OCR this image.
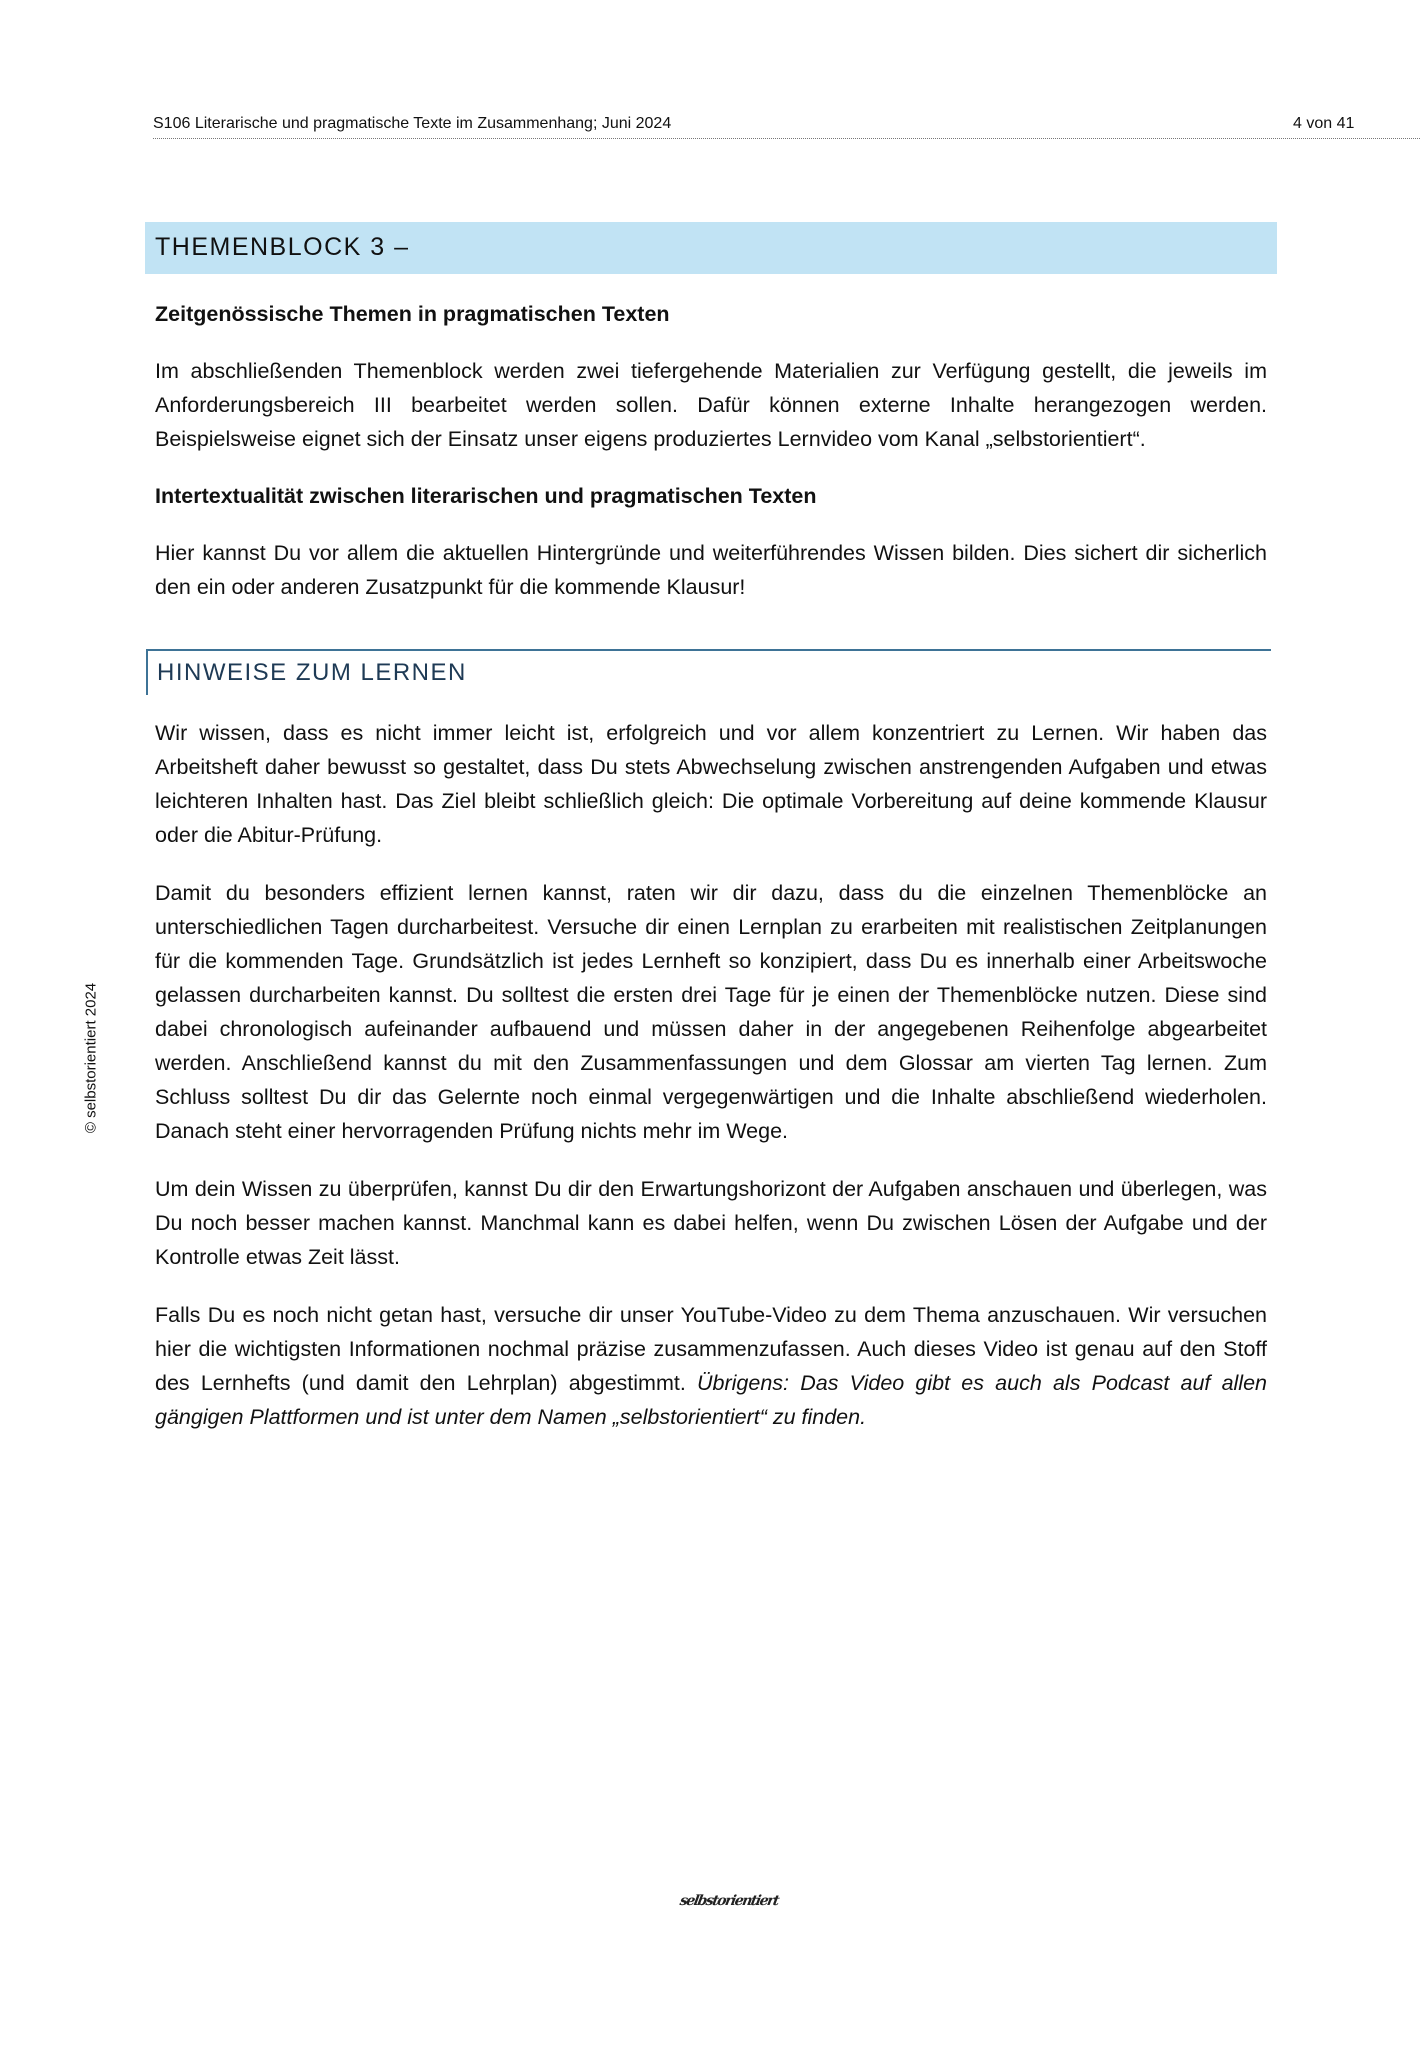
S106 Literarische und pragmatische Texte im Zusammenhang; Juni 2024	4 von 41
© selbstorientiert 2024
THEMENBLOCK 3 –
Zeitgenössische Themen in pragmatischen Texten

Im abschließenden Themenblock werden zwei tiefergehende Materialien zur Verfügung gestellt, die jeweils im Anforderungsbereich III bearbeitet werden sollen. Dafür können externe Inhalte herangezogen werden. Beispielsweise eignet sich der Einsatz unser eigens produziertes Lernvideo vom Kanal „selbstorientiert“.

Intertextualität zwischen literarischen und pragmatischen Texten

Hier kannst Du vor allem die aktuellen Hintergründe und weiterführendes Wissen bilden. Dies sichert dir sicherlich den ein oder anderen Zusatzpunkt für die kommende Klausur!

HINWEISE ZUM LERNEN

Wir wissen, dass es nicht immer leicht ist, erfolgreich und vor allem konzentriert zu Lernen. Wir haben das Arbeitsheft daher bewusst so gestaltet, dass Du stets Abwechselung zwischen anstrengenden Aufgaben und etwas leichteren Inhalten hast. Das Ziel bleibt schließlich gleich: Die optimale Vorbereitung auf deine kommende Klausur oder die Abitur-Prüfung.

Damit du besonders effizient lernen kannst, raten wir dir dazu, dass du die einzelnen Themenblöcke an unterschiedlichen Tagen durcharbeitest. Versuche dir einen Lernplan zu erarbeiten mit realistischen Zeitplanungen für die kommenden Tage. Grundsätzlich ist jedes Lernheft so konzipiert, dass Du es innerhalb einer Arbeitswoche gelassen durcharbeiten kannst. Du solltest die ersten drei Tage für je einen der Themenblöcke nutzen. Diese sind dabei chronologisch aufeinander aufbauend und müssen daher in der angegebenen Reihenfolge abgearbeitet werden. Anschließend kannst du mit den Zusammenfassungen und dem Glossar am vierten Tag lernen. Zum Schluss solltest Du dir das Gelernte noch einmal vergegenwärtigen und die Inhalte abschließend wiederholen. Danach steht einer hervorragenden Prüfung nichts mehr im Wege.

Um dein Wissen zu überprüfen, kannst Du dir den Erwartungshorizont der Aufgaben anschauen und überlegen, was Du noch besser machen kannst. Manchmal kann es dabei helfen, wenn Du zwischen Lösen der Aufgabe und der Kontrolle etwas Zeit lässt.

Falls Du es noch nicht getan hast, versuche dir unser YouTube-Video zu dem Thema anzuschauen. Wir versuchen hier die wichtigsten Informationen nochmal präzise zusammenzufassen. Auch dieses Video ist genau auf den Stoff des Lernhefts (und damit den Lehrplan) abgestimmt. Übrigens: Das Video gibt es auch als Podcast auf allen gängigen Plattformen und ist unter dem Namen „selbstorientiert“ zu finden.

selbstorientiert
